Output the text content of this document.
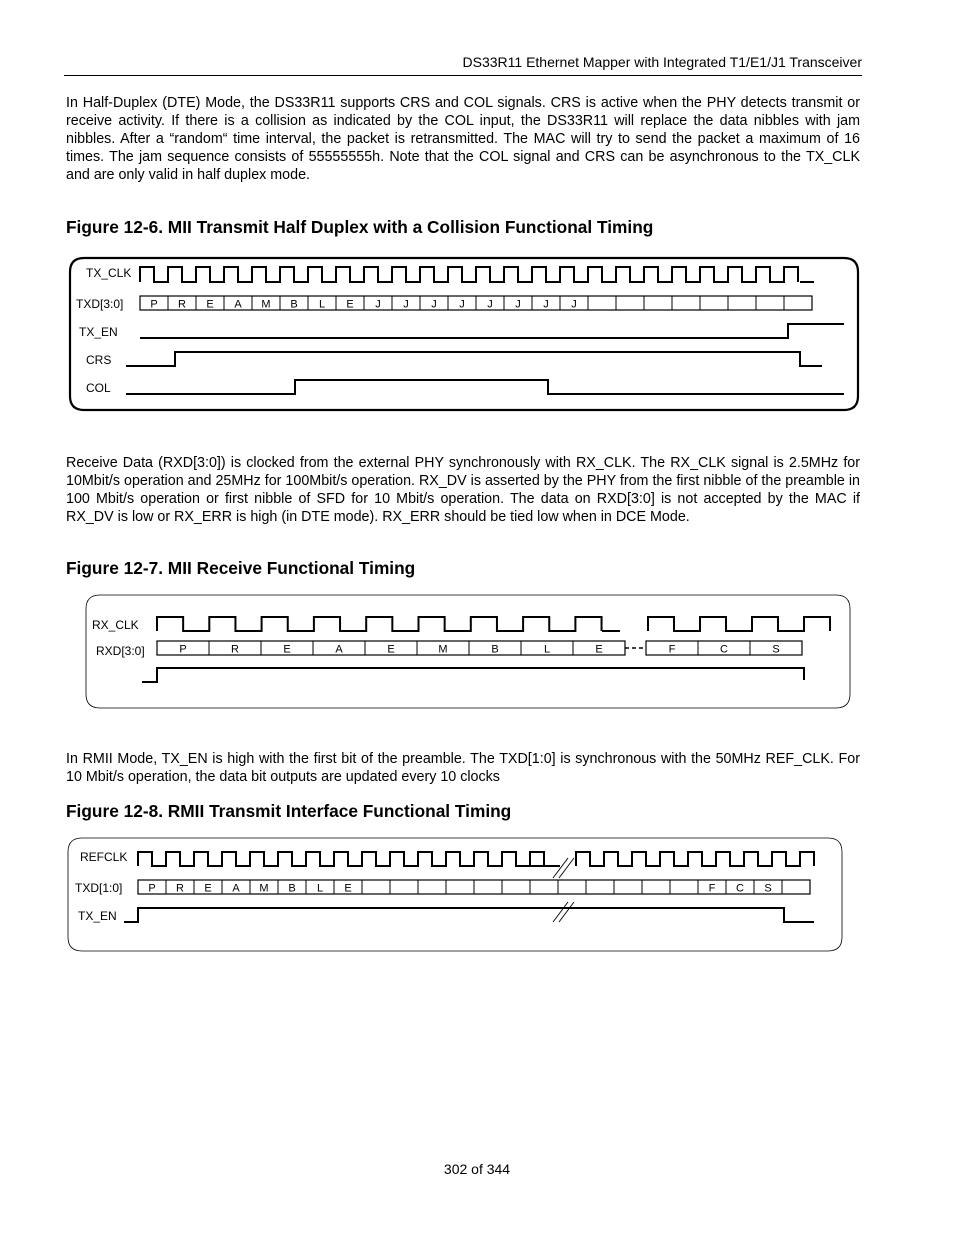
DS33R11 Ethernet Mapper with Integrated T1/E1/J1 Transceiver

In Half-Duplex (DTE) Mode, the DS33R11 supports CRS and COL signals. CRS is active when the PHY detects transmit or receive activity. If there is a collision as indicated by the COL input, the DS33R11 will replace the data nibbles with jam nibbles. After a “random“ time interval, the packet is retransmitted. The MAC will try to send the packet a maximum of 16 times. The jam sequence consists of 55555555h. Note that the COL signal and CRS can be asynchronous to the TX_CLK and are only valid in half duplex mode.

Figure 12-6. MII Transmit Half Duplex with a Collision Functional Timing

Receive Data (RXD[3:0]) is clocked from the external PHY synchronously with RX_CLK. The RX_CLK signal is 2.5MHz for 10Mbit/s operation and 25MHz for 100Mbit/s operation. RX_DV is asserted by the PHY from the first nibble of the preamble in 100 Mbit/s operation or first nibble of SFD for 10 Mbit/s operation. The data on RXD[3:0] is not accepted by the MAC if RX_DV is low or RX_ERR is high (in DTE mode). RX_ERR should be tied low when in DCE Mode.

Figure 12-7. MII Receive Functional Timing

In RMII Mode, TX_EN is high with the first bit of the preamble. The TXD[1:0] is synchronous with the 50MHz REF_CLK. For 10 Mbit/s operation, the data bit outputs are updated every 10 clocks

Figure 12-8. RMII Transmit Interface Functional Timing

P R E A M B L E J J J J J J J J
P	R	E	A	E	M	B	L	E	F	C	S
P R E A M B L E	F C S
TX_CLK
TXD[3:0]
TX_EN
CRS
COL
RX_CLK
RXD[3:0]
REFCLK
TXD[1:0]
TX_EN
302 of 344
